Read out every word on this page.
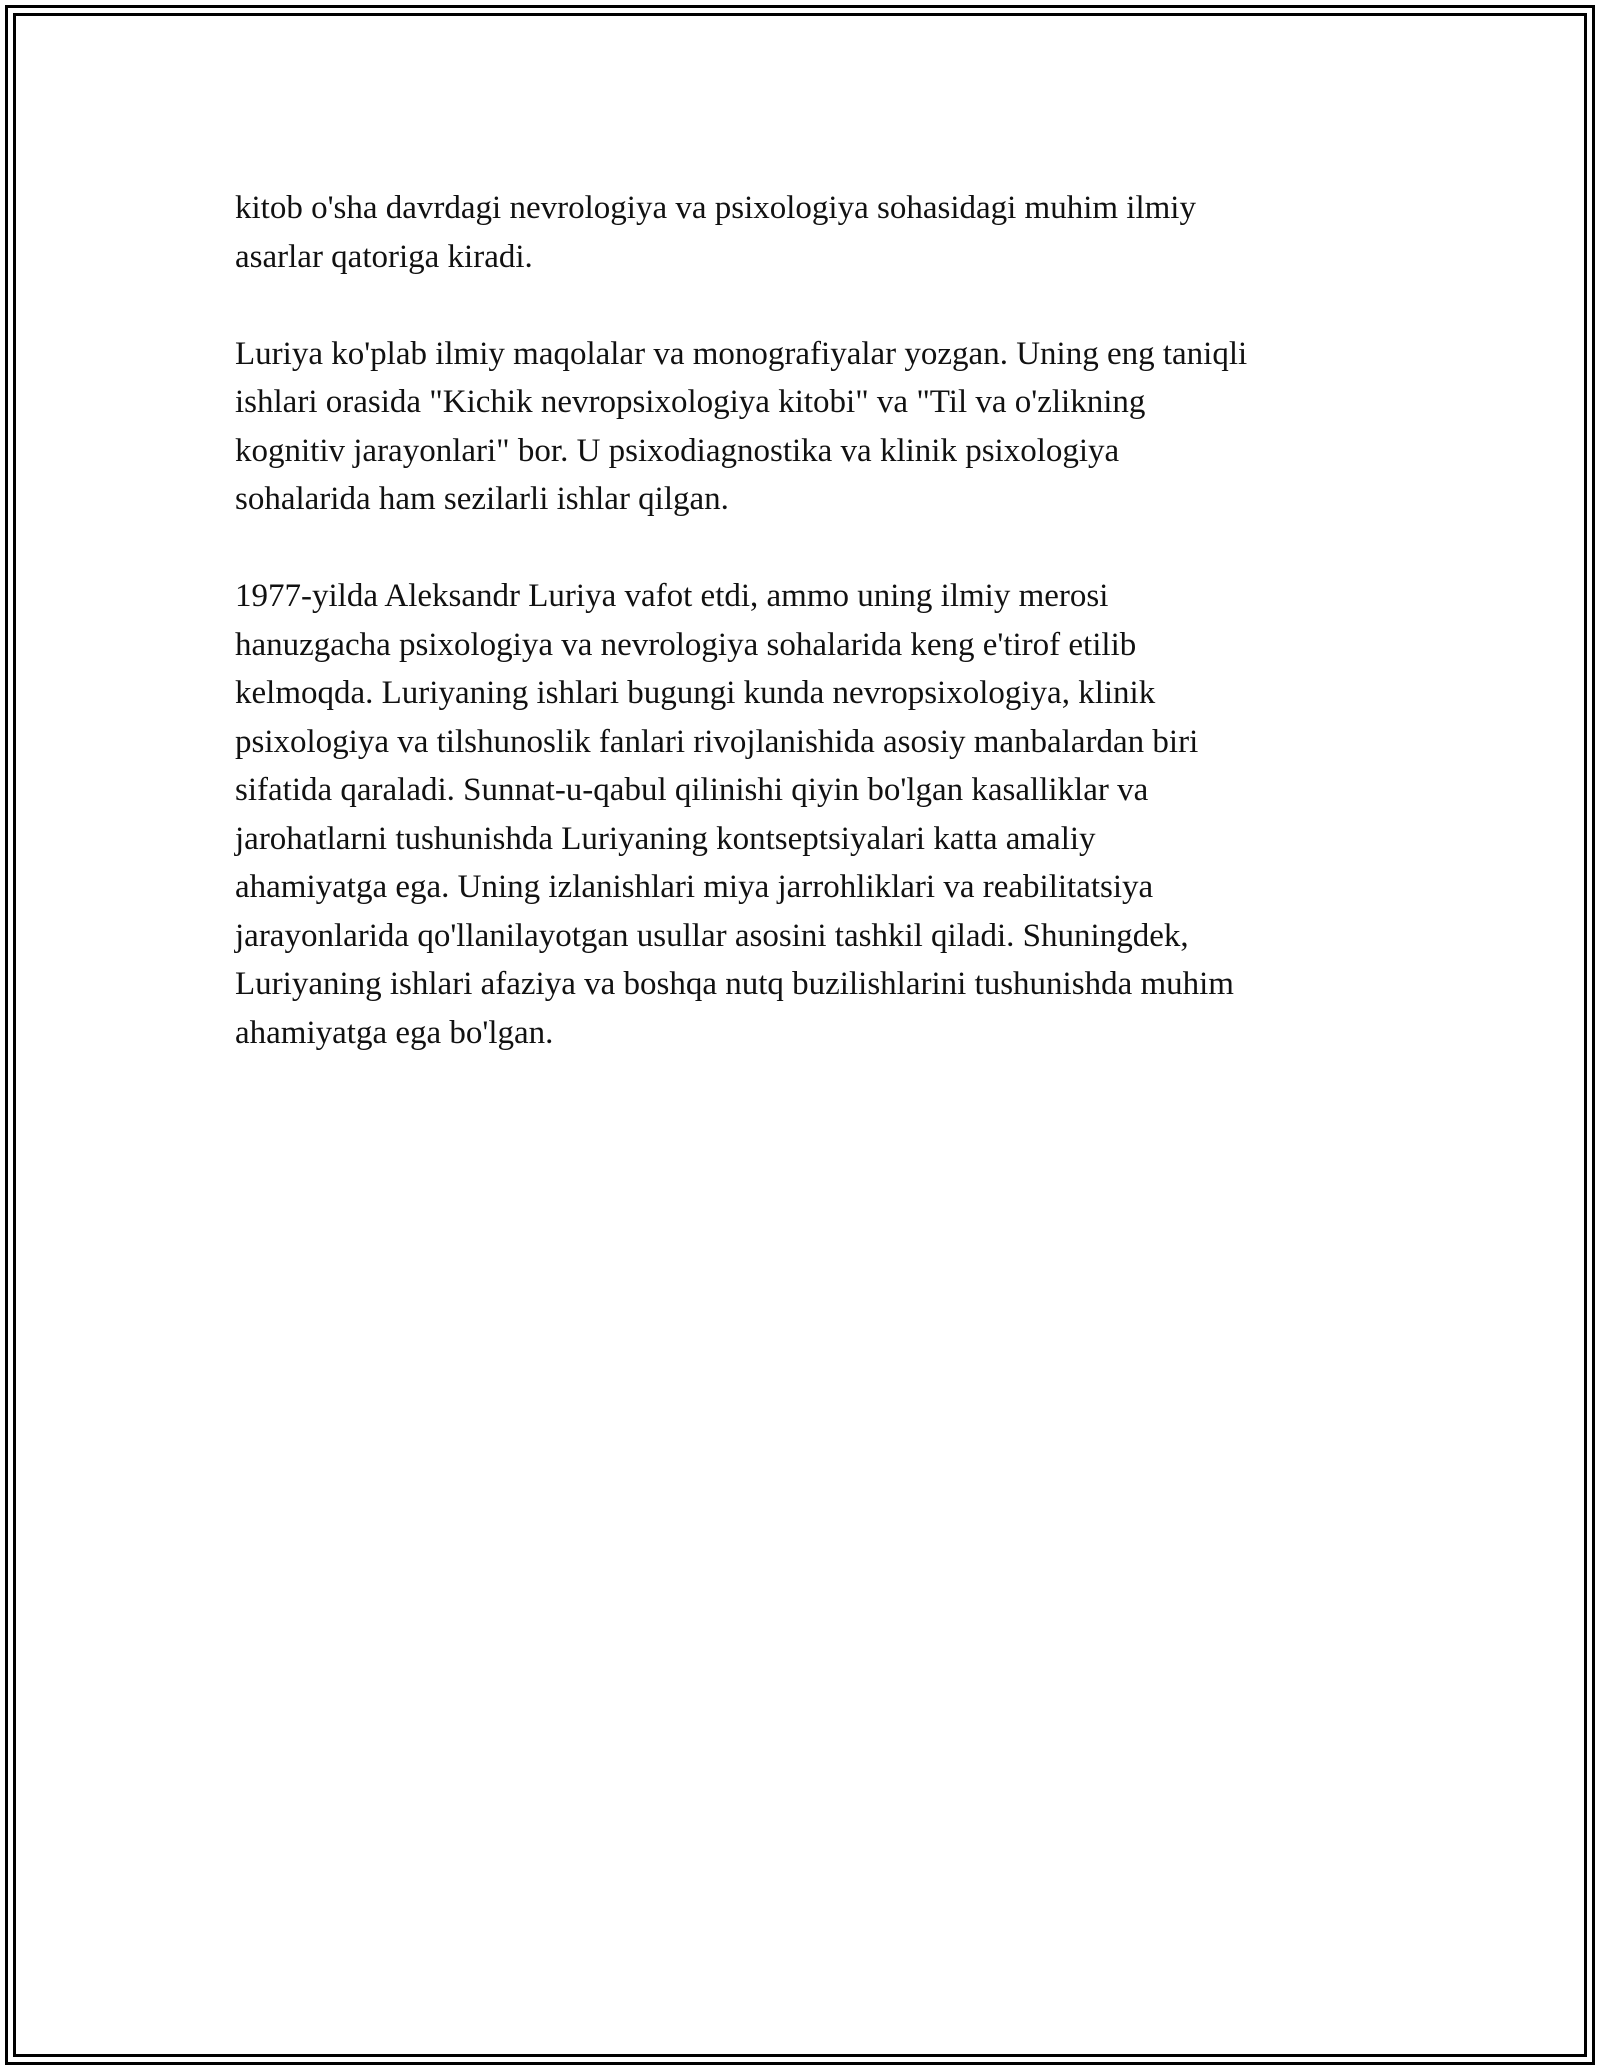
kitob o'sha davrdagi nevrologiya va psixologiya sohasidagi muhim ilmiy
asarlar qatoriga kiradi.

Luriya ko'plab ilmiy maqolalar va monografiyalar yozgan. Uning eng taniqli
ishlari orasida "Kichik nevropsixologiya kitobi" va "Til va o'zlikning
kognitiv jarayonlari" bor. U psixodiagnostika va klinik psixologiya
sohalarida ham sezilarli ishlar qilgan.

1977-yilda Aleksandr Luriya vafot etdi, ammo uning ilmiy merosi
hanuzgacha psixologiya va nevrologiya sohalarida keng e'tirof etilib
kelmoqda. Luriyaning ishlari bugungi kunda nevropsixologiya, klinik
psixologiya va tilshunoslik fanlari rivojlanishida asosiy manbalardan biri
sifatida qaraladi. Sunnat-u-qabul qilinishi qiyin bo'lgan kasalliklar va
jarohatlarni tushunishda Luriyaning kontseptsiyalari katta amaliy
ahamiyatga ega. Uning izlanishlari miya jarrohliklari va reabilitatsiya
jarayonlarida qo'llanilayotgan usullar asosini tashkil qiladi. Shuningdek,
Luriyaning ishlari afaziya va boshqa nutq buzilishlarini tushunishda muhim
ahamiyatga ega bo'lgan.
